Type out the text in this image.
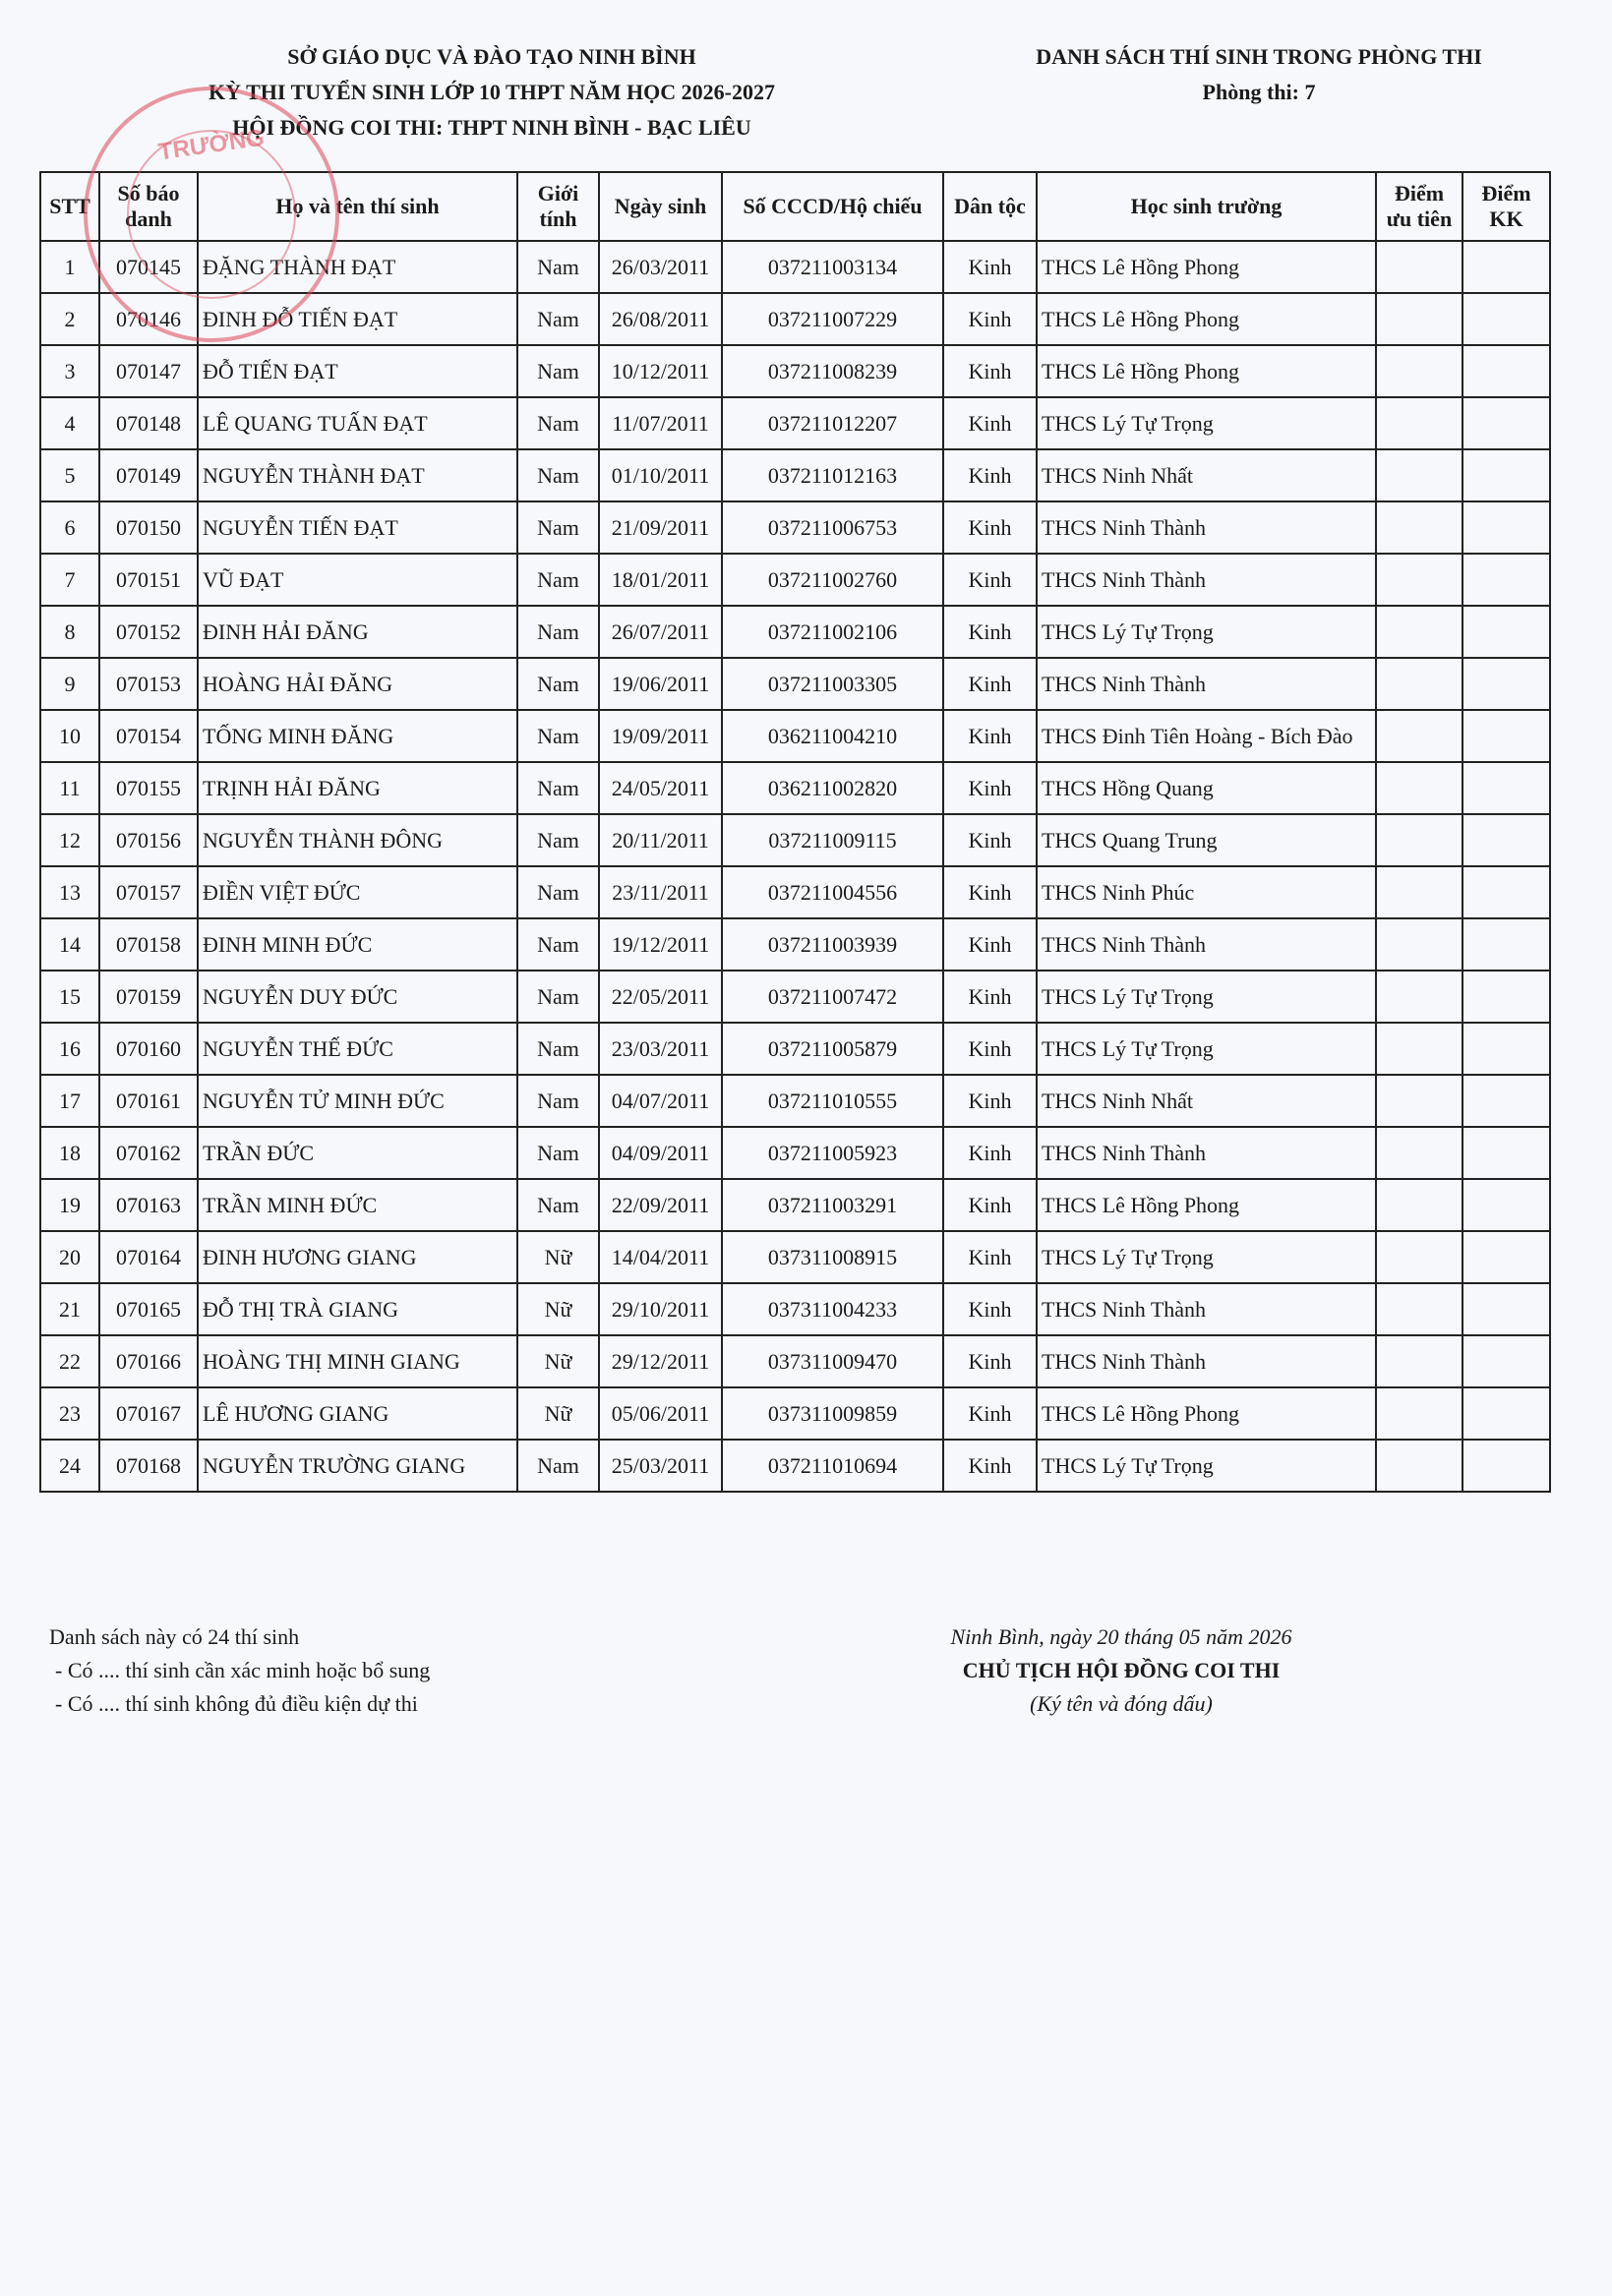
SỞ GIÁO DỤC VÀ ĐÀO TẠO NINH BÌNH
KỲ THI TUYỂN SINH LỚP 10 THPT NĂM HỌC 2026-2027
HỘI ĐỒNG COI THI: THPT NINH BÌNH - BẠC LIÊU
DANH SÁCH THÍ SINH TRONG PHÒNG THI
Phòng thi: 7
STT	Số báo danh	Họ và tên thí sinh	Giới tính	Ngày sinh	Số CCCD/Hộ chiếu	Dân tộc	Học sinh trường	Điểm ưu tiên	Điểm KK
1	070145	ĐẶNG THÀNH ĐẠT	Nam	26/03/2011	037211003134	Kinh	THCS Lê Hồng Phong		
2	070146	ĐINH ĐỖ TIẾN ĐẠT	Nam	26/08/2011	037211007229	Kinh	THCS Lê Hồng Phong		
3	070147	ĐỖ TIẾN ĐẠT	Nam	10/12/2011	037211008239	Kinh	THCS Lê Hồng Phong		
4	070148	LÊ QUANG TUẤN ĐẠT	Nam	11/07/2011	037211012207	Kinh	THCS Lý Tự Trọng		
5	070149	NGUYỄN THÀNH ĐẠT	Nam	01/10/2011	037211012163	Kinh	THCS Ninh Nhất		
6	070150	NGUYỄN TIẾN ĐẠT	Nam	21/09/2011	037211006753	Kinh	THCS Ninh Thành		
7	070151	VŨ ĐẠT	Nam	18/01/2011	037211002760	Kinh	THCS Ninh Thành		
8	070152	ĐINH HẢI ĐĂNG	Nam	26/07/2011	037211002106	Kinh	THCS Lý Tự Trọng		
9	070153	HOÀNG HẢI ĐĂNG	Nam	19/06/2011	037211003305	Kinh	THCS Ninh Thành		
10	070154	TỐNG MINH ĐĂNG	Nam	19/09/2011	036211004210	Kinh	THCS Đinh Tiên Hoàng - Bích Đào		
11	070155	TRỊNH HẢI ĐĂNG	Nam	24/05/2011	036211002820	Kinh	THCS Hồng Quang		
12	070156	NGUYỄN THÀNH ĐÔNG	Nam	20/11/2011	037211009115	Kinh	THCS Quang Trung		
13	070157	ĐIỀN VIỆT ĐỨC	Nam	23/11/2011	037211004556	Kinh	THCS Ninh Phúc		
14	070158	ĐINH MINH ĐỨC	Nam	19/12/2011	037211003939	Kinh	THCS Ninh Thành		
15	070159	NGUYỄN DUY ĐỨC	Nam	22/05/2011	037211007472	Kinh	THCS Lý Tự Trọng		
16	070160	NGUYỄN THẾ ĐỨC	Nam	23/03/2011	037211005879	Kinh	THCS Lý Tự Trọng		
17	070161	NGUYỄN TỬ MINH ĐỨC	Nam	04/07/2011	037211010555	Kinh	THCS Ninh Nhất		
18	070162	TRẦN ĐỨC	Nam	04/09/2011	037211005923	Kinh	THCS Ninh Thành		
19	070163	TRẦN MINH ĐỨC	Nam	22/09/2011	037211003291	Kinh	THCS Lê Hồng Phong		
20	070164	ĐINH HƯƠNG GIANG	Nữ	14/04/2011	037311008915	Kinh	THCS Lý Tự Trọng		
21	070165	ĐỖ THỊ TRÀ GIANG	Nữ	29/10/2011	037311004233	Kinh	THCS Ninh Thành		
22	070166	HOÀNG THỊ MINH GIANG	Nữ	29/12/2011	037311009470	Kinh	THCS Ninh Thành		
23	070167	LÊ HƯƠNG GIANG	Nữ	05/06/2011	037311009859	Kinh	THCS Lê Hồng Phong		
24	070168	NGUYỄN TRƯỜNG GIANG	Nam	25/03/2011	037211010694	Kinh	THCS Lý Tự Trọng		
TRƯỜNG
Danh sách này có 24 thí sinh
- Có .... thí sinh cần xác minh hoặc bổ sung
- Có .... thí sinh không đủ điều kiện dự thi
Ninh Bình, ngày 20 tháng 05 năm 2026
CHỦ TỊCH HỘI ĐỒNG COI THI
(Ký tên và đóng dấu)
